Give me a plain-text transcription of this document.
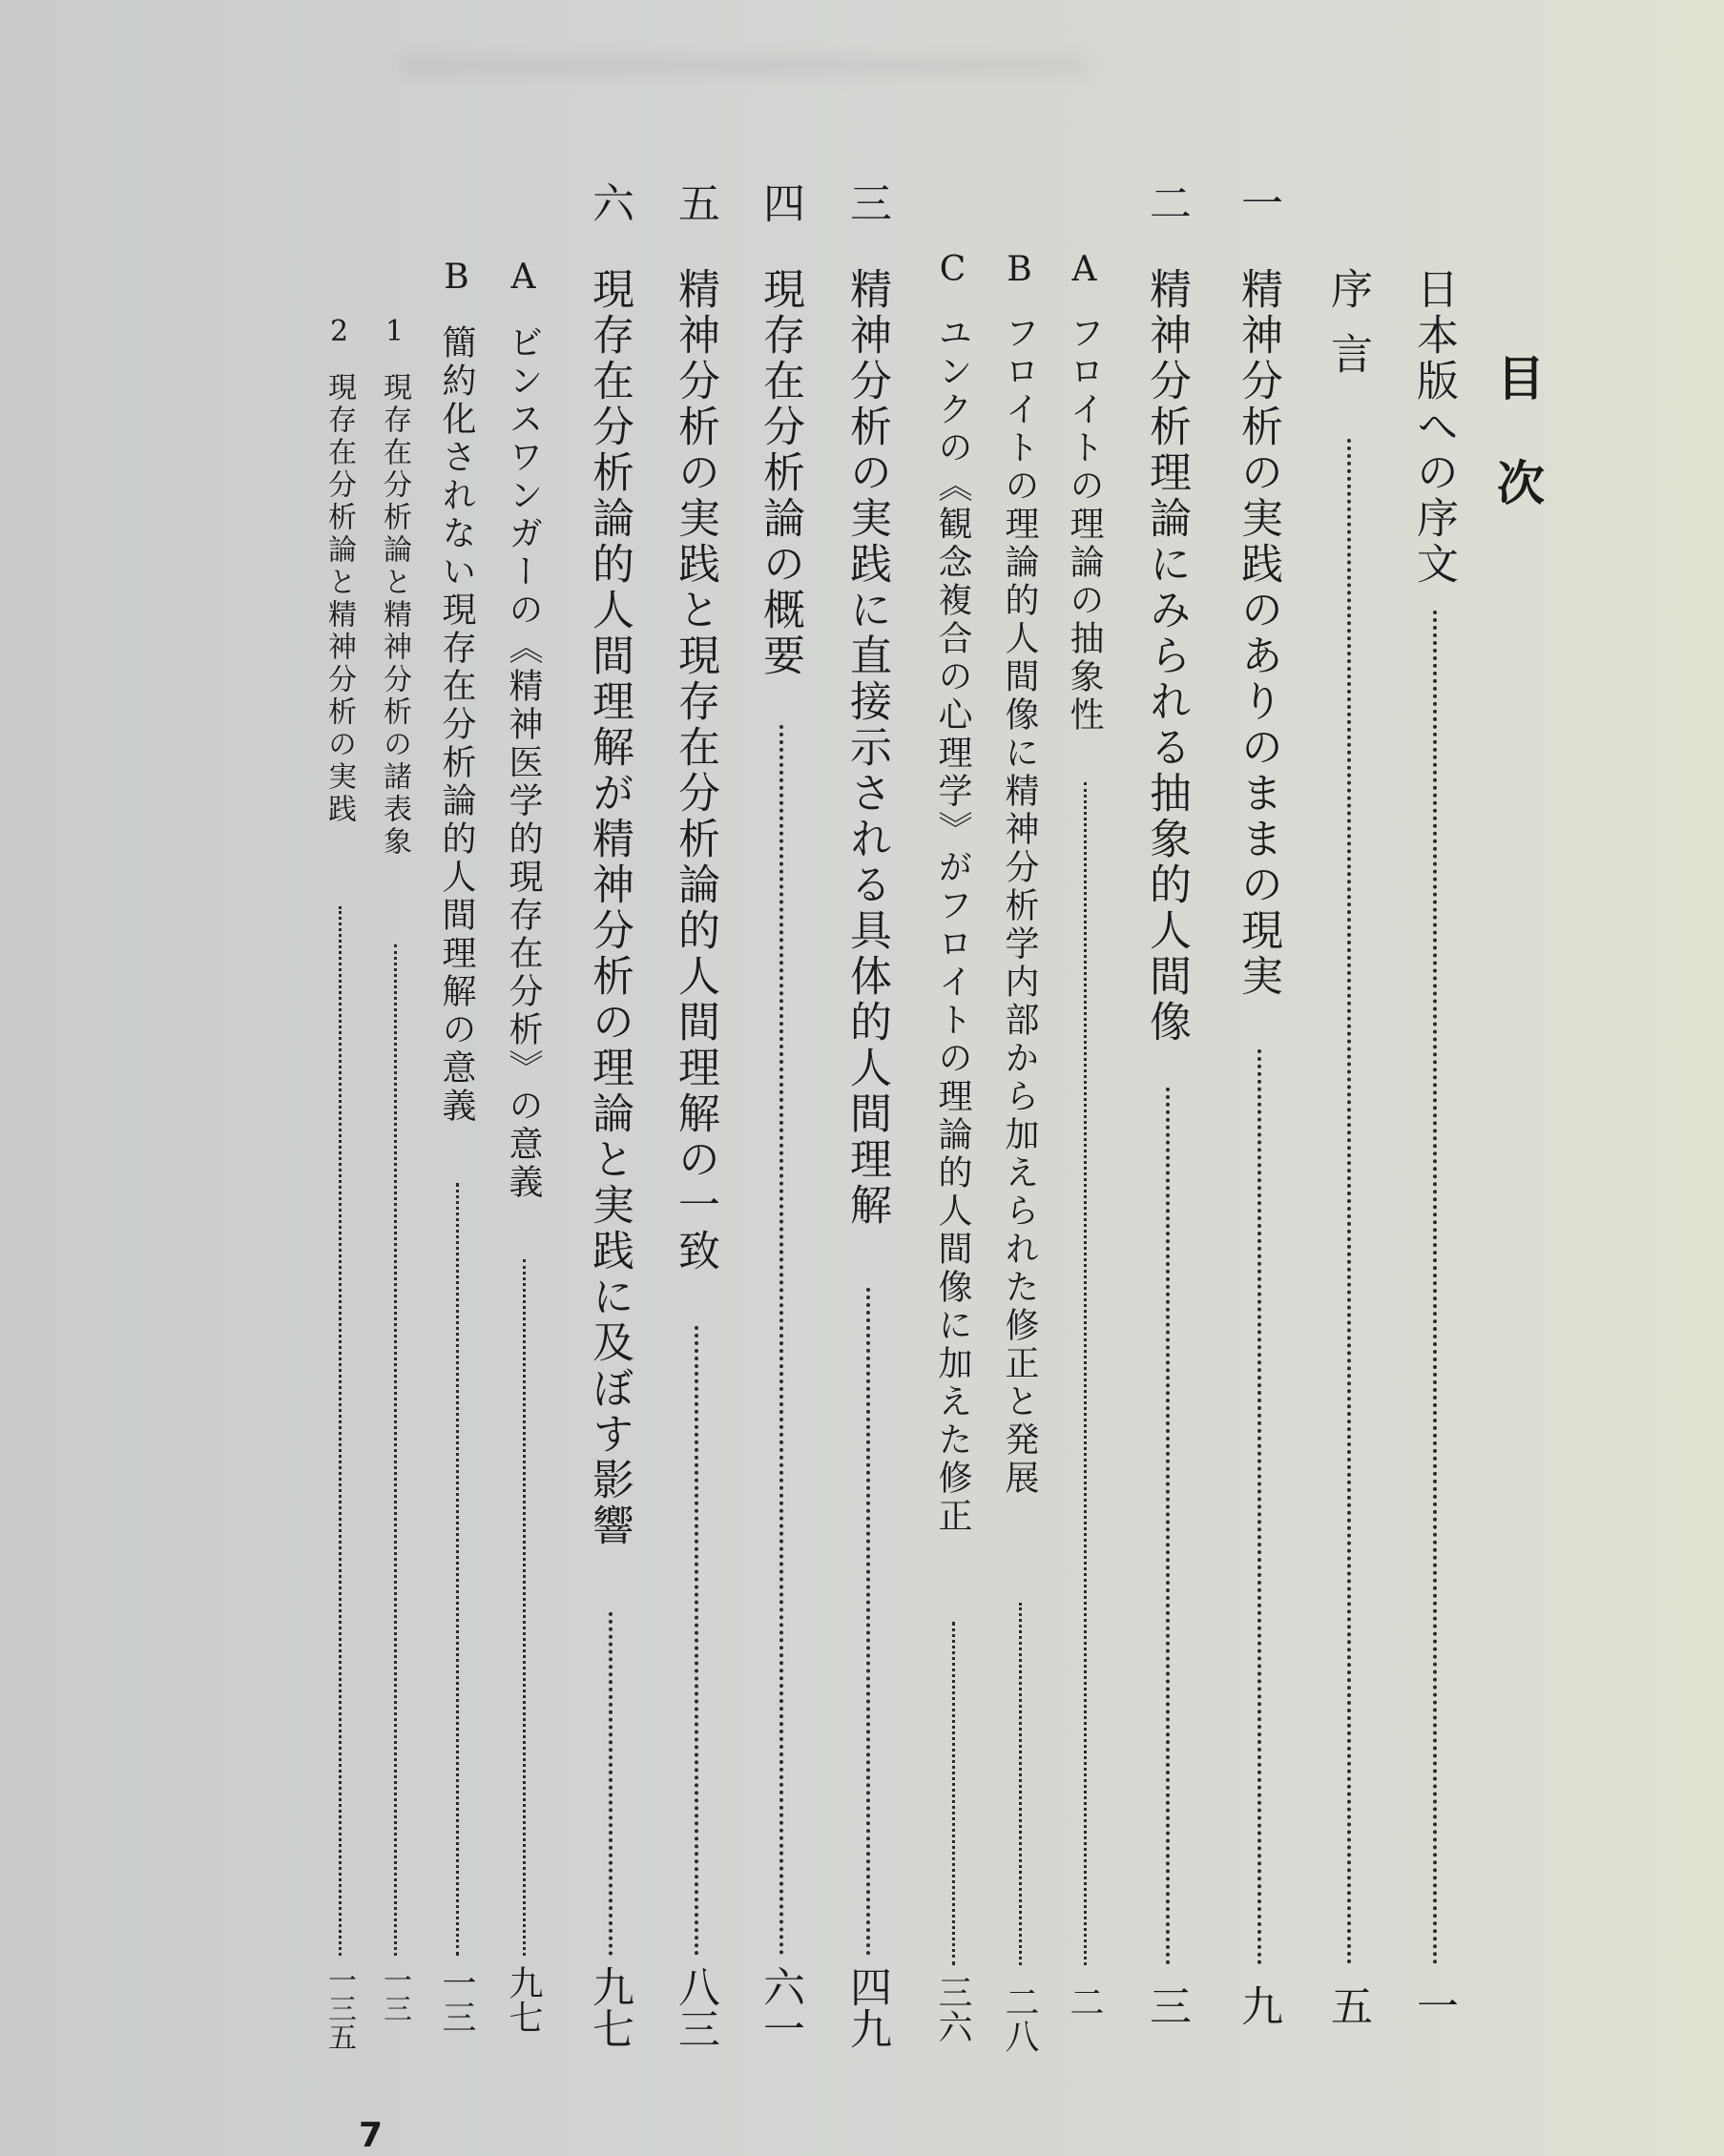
目次
日本版への序文
一
序言
五
一
精神分析の実践のありのままの現実
九
二
精神分析理論にみられる抽象的人間像
三
A
フロイトの理論の抽象性
二
B
フロイトの理論的人間像に精神分析学内部から加えられた修正と発展
二八
C
ユンクの《観念複合の心理学》がフロイトの理論的人間像に加えた修正
三六
三
精神分析の実践に直接示される具体的人間理解
四九
四
現存在分析論の概要
六一
五
精神分析の実践と現存在分析論的人間理解の一致
八三
六
現存在分析論的人間理解が精神分析の理論と実践に及ぼす影響
九七
A
ビンスワンガーの《精神医学的現存在分析》の意義
九七
B
簡約化されない現存在分析論的人間理解の意義
一三
1
現存在分析論と精神分析の諸表象
一三
2
現存在分析論と精神分析の実践
一三五
7
